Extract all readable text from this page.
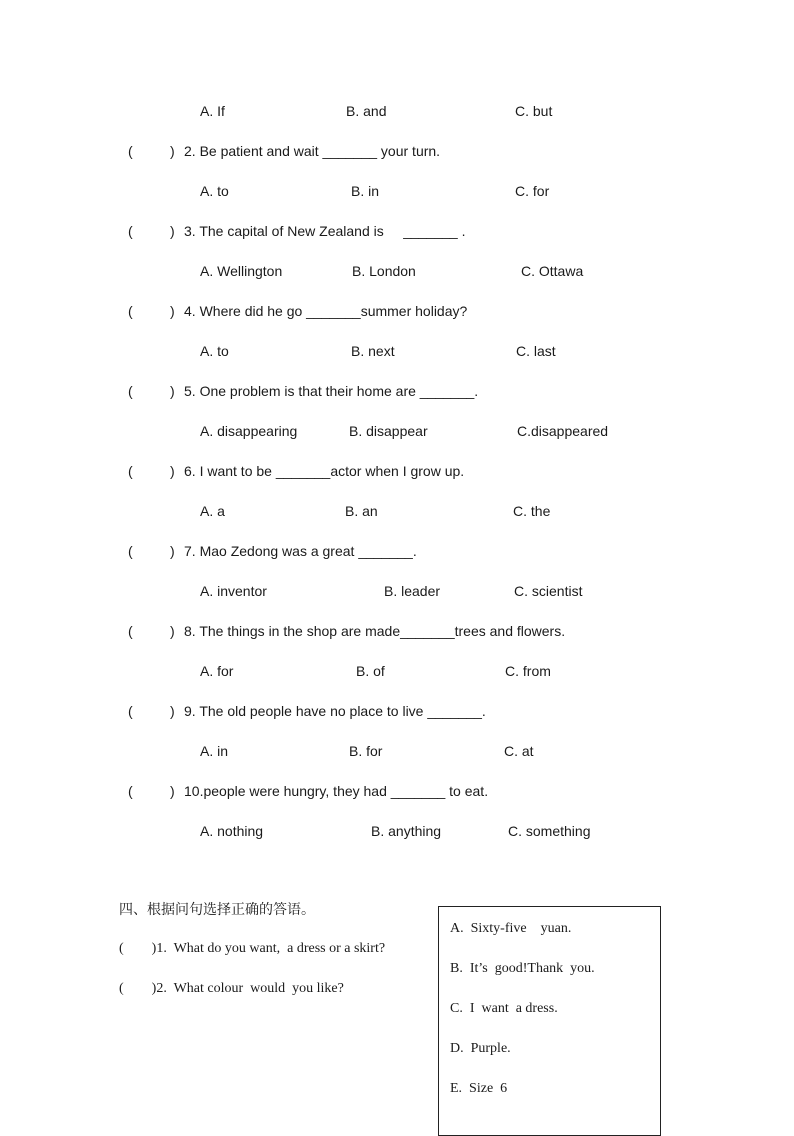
A. If	B. and	C. but
(	) 2. Be patient and wait _______ your turn.
A. to	B. in	C. for
(	) 3. The capital of New Zealand is     _______ .
A. Wellington	B. London	C. Ottawa
(	) 4. Where did he go _______summer holiday?
A. to	B. next	C. last
(	) 5. One problem is that their home are _______.
A. disappearing	B. disappear	C.disappeared
(	) 6. I want to be _______actor when I grow up.
A. a	B. an	C. the
(	) 7. Mao Zedong was a great _______.
A. inventor	B. leader	C. scientist
(	) 8. The things in the shop are made_______trees and flowers.
A. for	B. of	C. from
(	) 9. The old people have no place to live _______.
A. in	B. for	C. at
(	) 10.people were hungry, they had _______ to eat.
A. nothing	B. anything	C. something
四、根据问句选择正确的答语。
(        )1.  What do you want,  a dress or a skirt?
(        )2.  What colour  would  you like?
A.  Sixty-five    yuan.
B.  It’s  good!Thank  you.
C.  I  want  a dress.
D.  Purple.
E.  Size  6
